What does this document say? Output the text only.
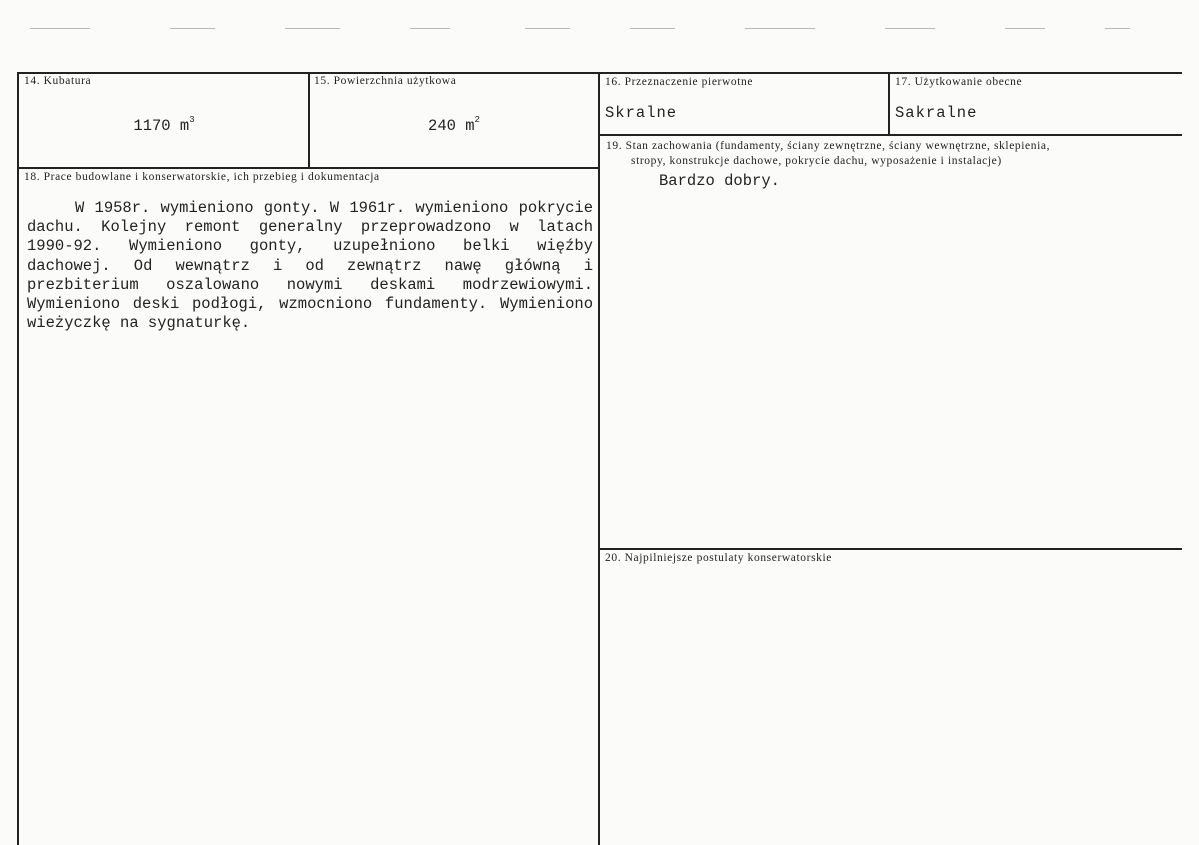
14. Kubatura
1170 $m^3$
15. Powierzchnia użytkowa
240 $m^2$
16. Przeznaczenie pierwotne
Skralne
17. Użytkowanie obecne
Sakralne
18. Prace budowlane i konserwatorskie, ich przebieg i dokumentacja
W 1958r. wymieniono gonty. W 1961r. wymieniono pokrycie dachu. Kolejny remont generalny przeprowadzono w latach 1990-92. Wymieniono gonty, uzupełniono belki więźby dachowej. Od wewnątrz i od zewnątrz nawę główną i prezbiterium oszalowano nowymi deskami modrzewiowymi. Wymieniono deski podłogi, wzmocniono fundamenty. Wymieniono wieżyczkę na sygnaturkę.
19. Stan zachowania (fundamenty, ściany zewnętrzne, ściany wewnętrzne, sklepienia,
stropy, konstrukcje dachowe, pokrycie dachu, wyposażenie i instalacje)
Bardzo dobry.
20. Najpilniejsze postulaty konserwatorskie
